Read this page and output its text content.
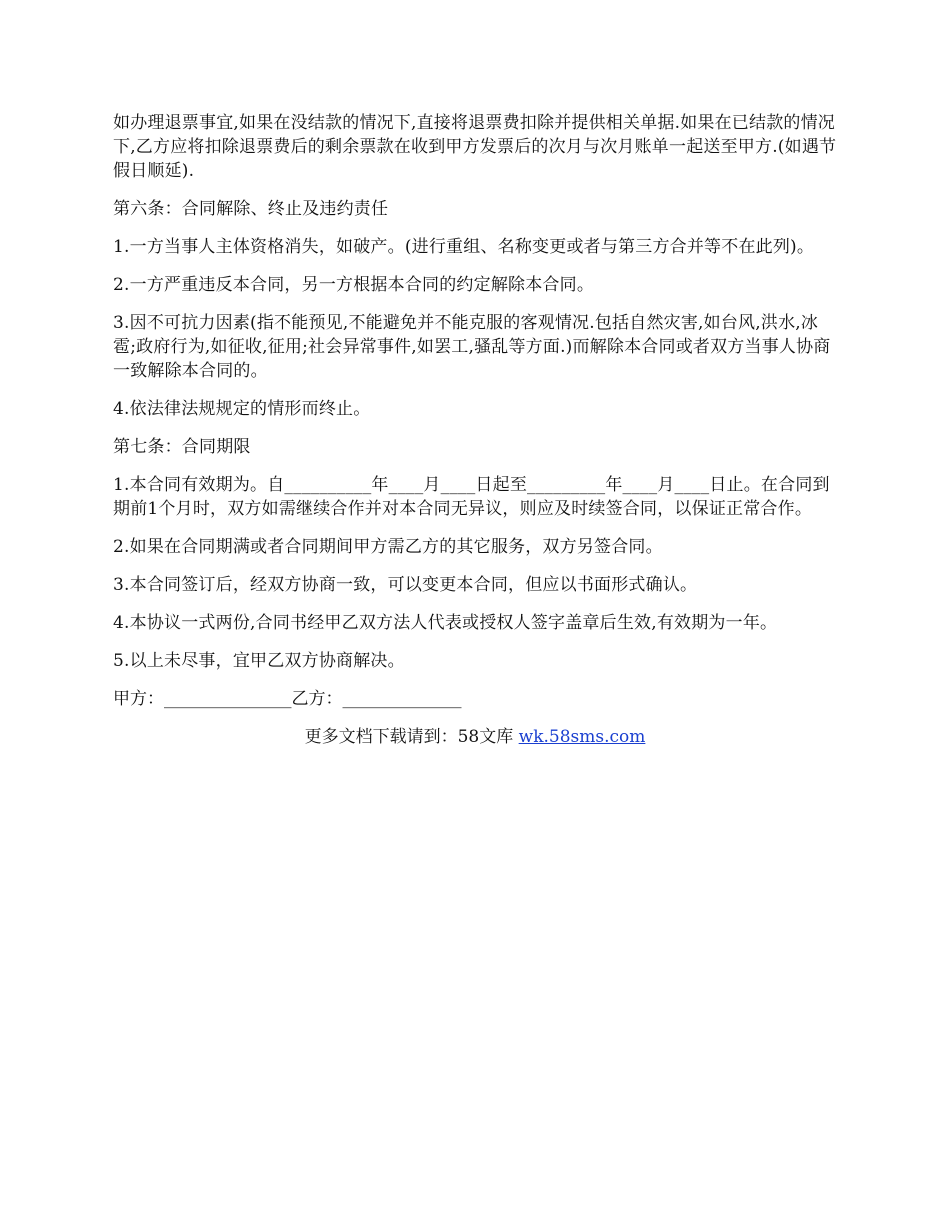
如办理退票事宜,如果在没结款的情况下,直接将退票费扣除并提供相关单据.如果在已结款的情况下,乙方应将扣除退票费后的剩余票款在收到甲方发票后的次月与次月账单一起送至甲方.(如遇节假日顺延).

第六条：合同解除、终止及违约责任

1.一方当事人主体资格消失，如破产。(进行重组、名称变更或者与第三方合并等不在此列)。

2.一方严重违反本合同，另一方根据本合同的约定解除本合同。

3.因不可抗力因素(指不能预见,不能避免并不能克服的客观情况.包括自然灾害,如台风,洪水,冰雹;政府行为,如征收,征用;社会异常事件,如罢工,骚乱等方面.)而解除本合同或者双方当事人协商一致解除本合同的。

4.依法律法规规定的情形而终止。

第七条：合同期限

1.本合同有效期为。自__________年____月____日起至_________年____月____日止。在合同到期前1个月时，双方如需继续合作并对本合同无异议，则应及时续签合同，以保证正常合作。

2.如果在合同期满或者合同期间甲方需乙方的其它服务，双方另签合同。

3.本合同签订后，经双方协商一致，可以变更本合同，但应以书面形式确认。

4.本协议一式两份,合同书经甲乙双方法人代表或授权人签字盖章后生效,有效期为一年。

5.以上未尽事，宜甲乙双方协商解决。

甲方：_______________乙方：______________

更多文档下载请到：58文库 wk.58sms.com
